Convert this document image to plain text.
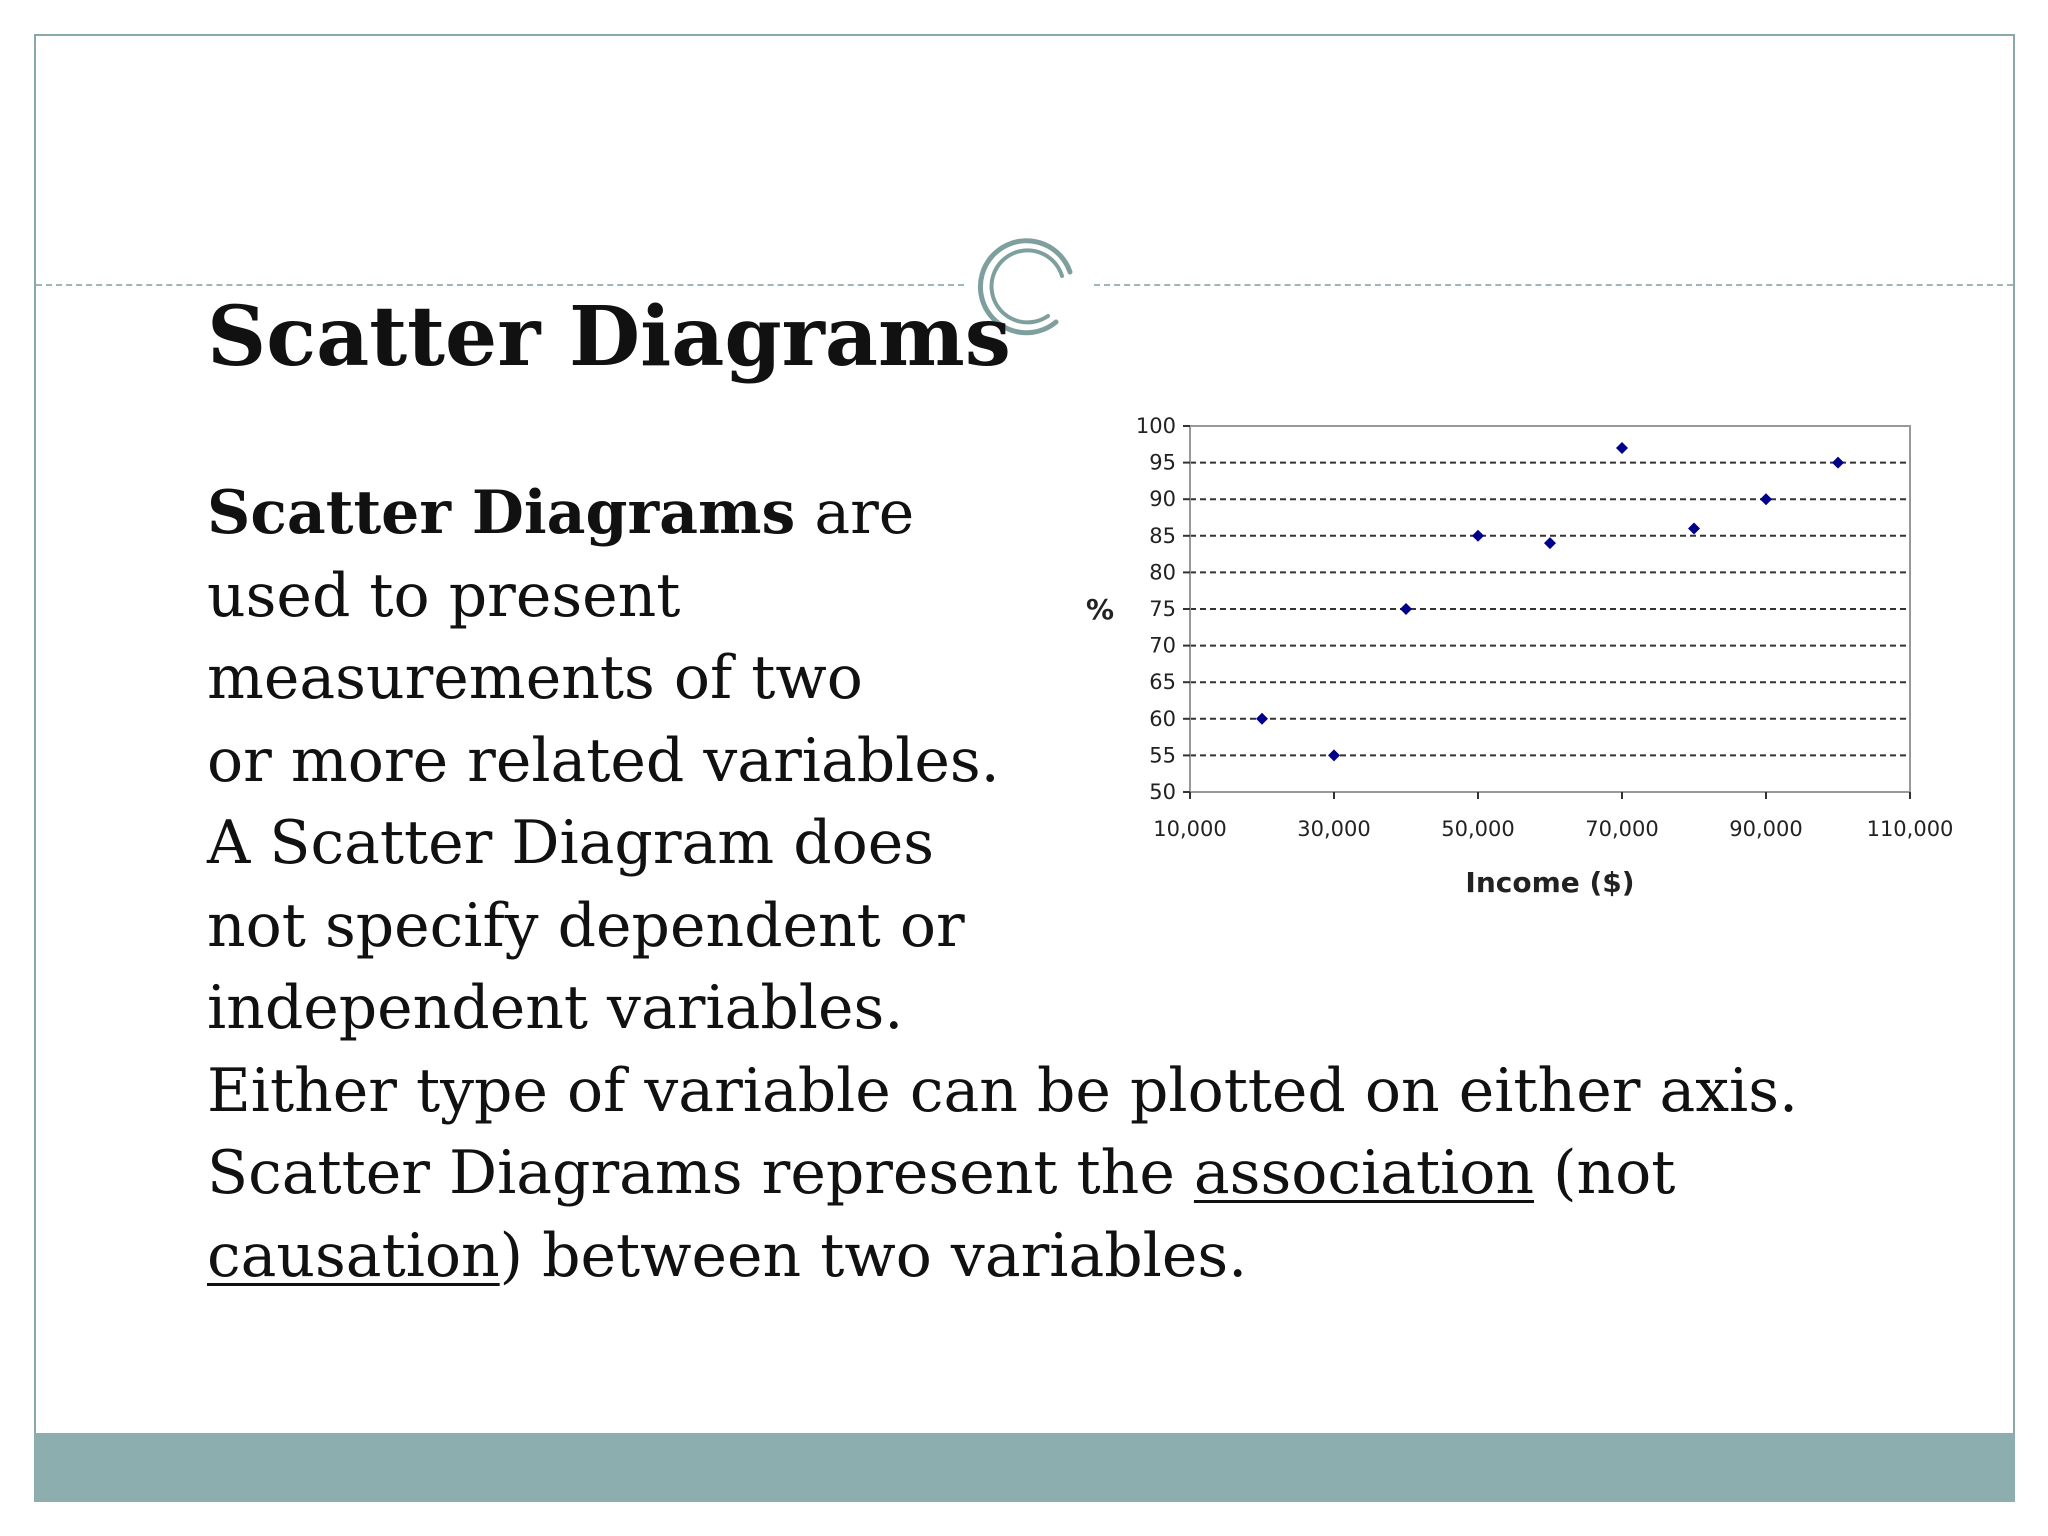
Scatter Diagrams
Scatter Diagrams are
used to present
measurements of two
or more related variables.
A Scatter Diagram does
not specify dependent or
independent variables.
Either type of variable can be plotted on either axis.
Scatter Diagrams represent the association (not
causation) between two variables.
50
55
60
65
70
75
80
85
90
95
100
10,000	30,000	50,000	70,000	90,000	110,000
%
Income ($)
